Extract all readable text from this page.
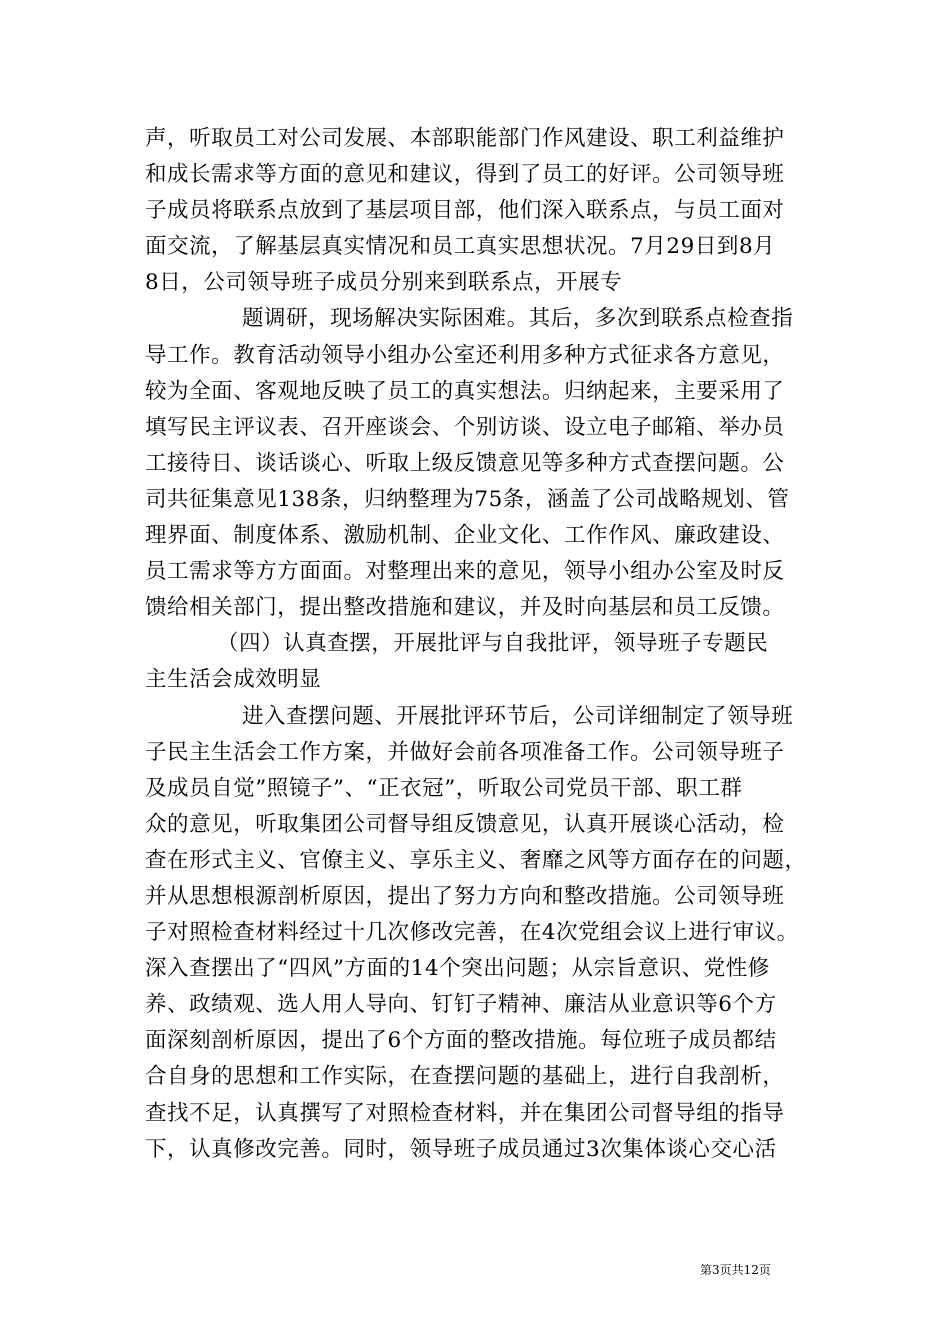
声，听取员工对公司发展、本部职能部门作风建设、职工利益维护
和成长需求等方面的意见和建议，得到了员工的好评。公司领导班
子成员将联系点放到了基层项目部，他们深入联系点，与员工面对
面交流，了解基层真实情况和员工真实思想状况。7月29日到8月
8日，公司领导班子成员分别来到联系点，开展专
题调研，现场解决实际困难。其后，多次到联系点检查指
导工作。教育活动领导小组办公室还利用多种方式征求各方意见，
较为全面、客观地反映了员工的真实想法。归纳起来，主要采用了
填写民主评议表、召开座谈会、个别访谈、设立电子邮箱、举办员
工接待日、谈话谈心、听取上级反馈意见等多种方式查摆问题。公
司共征集意见138条，归纳整理为75条，涵盖了公司战略规划、管
理界面、制度体系、激励机制、企业文化、工作作风、廉政建设、
员工需求等方方面面。对整理出来的意见，领导小组办公室及时反
馈给相关部门，提出整改措施和建议，并及时向基层和员工反馈。
（四）认真查摆，开展批评与自我批评，领导班子专题民
主生活会成效明显
进入查摆问题、开展批评环节后，公司详细制定了领导班
子民主生活会工作方案，并做好会前各项准备工作。公司领导班子
及成员自觉”照镜子”、“正衣冠”，听取公司党员干部、职工群
众的意见，听取集团公司督导组反馈意见，认真开展谈心活动，检
查在形式主义、官僚主义、享乐主义、奢靡之风等方面存在的问题，
并从思想根源剖析原因，提出了努力方向和整改措施。公司领导班
子对照检查材料经过十几次修改完善，在4次党组会议上进行审议。
深入查摆出了“四风”方面的14个突出问题；从宗旨意识、党性修
养、政绩观、选人用人导向、钉钉子精神、廉洁从业意识等6个方
面深刻剖析原因，提出了6个方面的整改措施。每位班子成员都结
合自身的思想和工作实际，在查摆问题的基础上，进行自我剖析，
查找不足，认真撰写了对照检查材料，并在集团公司督导组的指导
下，认真修改完善。同时，领导班子成员通过3次集体谈心交心活
第3页共12页
